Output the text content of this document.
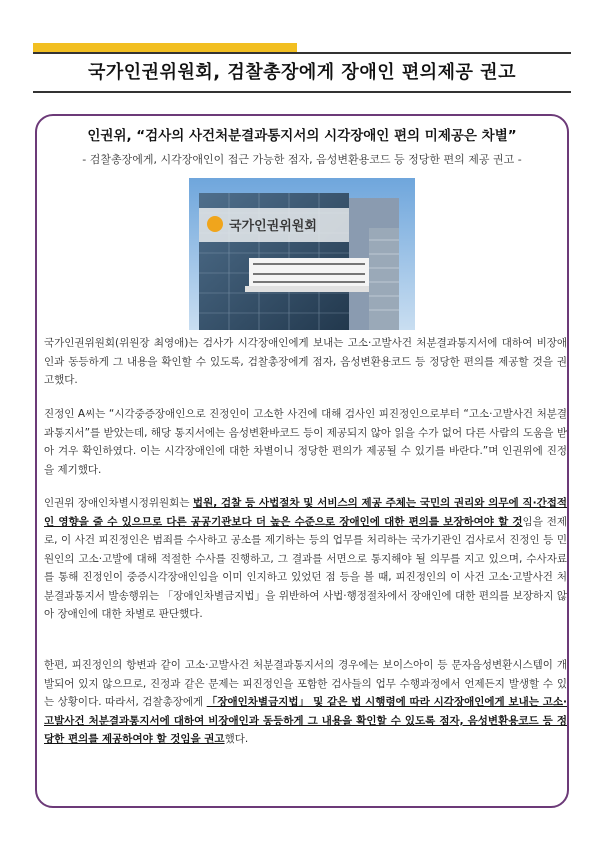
국가인권위원회, 검찰총장에게 장애인 편의제공 권고
인권위, “검사의 사건처분결과통지서의 시각장애인 편의 미제공은 차별”
- 검찰총장에게, 시각장애인이 접근 가능한 점자, 음성변환용코드 등 정당한 편의 제공 권고 -
국가인권위원회

국가인권위원회(위원장 최영애)는 검사가 시각장애인에게 보내는 고소·고발사건 처분결과통지서에 대하여 비장애인과 동등하게 그 내용을 확인할 수 있도록, 검찰총장에게 점자, 음성변환용코드 등 정당한 편의를 제공할 것을 권고했다.

진정인 A씨는 “시각중증장애인으로 진정인이 고소한 사건에 대해 검사인 피진정인으로부터 “고소·고발사건 처분결과통지서”를 받았는데, 해당 통지서에는 음성변환바코드 등이 제공되지 않아 읽을 수가 없어 다른 사람의 도움을 받아 겨우 확인하였다. 이는 시각장애인에 대한 차별이니 정당한 편의가 제공될 수 있기를 바란다.”며 인권위에 진정을 제기했다.

인권위 장애인차별시정위원회는 법원, 검찰 등 사법절차 및 서비스의 제공 주체는 국민의 권리와 의무에 직·간접적인 영향을 줄 수 있으므로 다른 공공기관보다 더 높은 수준으로 장애인에 대한 편의를 보장하여야 할 것임을 전제로, 이 사건 피진정인은 범죄를 수사하고 공소를 제기하는 등의 업무를 처리하는 국가기관인 검사로서 진정인 등 민원인의 고소·고발에 대해 적절한 수사를 진행하고, 그 결과를 서면으로 통지해야 될 의무를 지고 있으며, 수사자료를 통해 진정인이 중증시각장애인임을 이미 인지하고 있었던 점 등을 볼 때, 피진정인의 이 사건 고소·고발사건 처분결과통지서 발송행위는 「장애인차별금지법」을 위반하여 사법·행정절차에서 장애인에 대한 편의를 보장하지 않아 장애인에 대한 차별로 판단했다.

한편, 피진정인의 항변과 같이 고소·고발사건 처분결과통지서의 경우에는 보이스아이 등 문자음성변환시스템이 개발되어 있지 않으므로, 진정과 같은 문제는 피진정인을 포함한 검사들의 업무 수행과정에서 언제든지 발생할 수 있는 상황이다. 따라서, 검찰총장에게 「장애인차별금지법」 및 같은 법 시행령에 따라 시각장애인에게 보내는 고소·고발사건 처분결과통지서에 대하여 비장애인과 동등하게 그 내용을 확인할 수 있도록 점자, 음성변환용코드 등 정당한 편의를 제공하여야 할 것임을 권고했다.
